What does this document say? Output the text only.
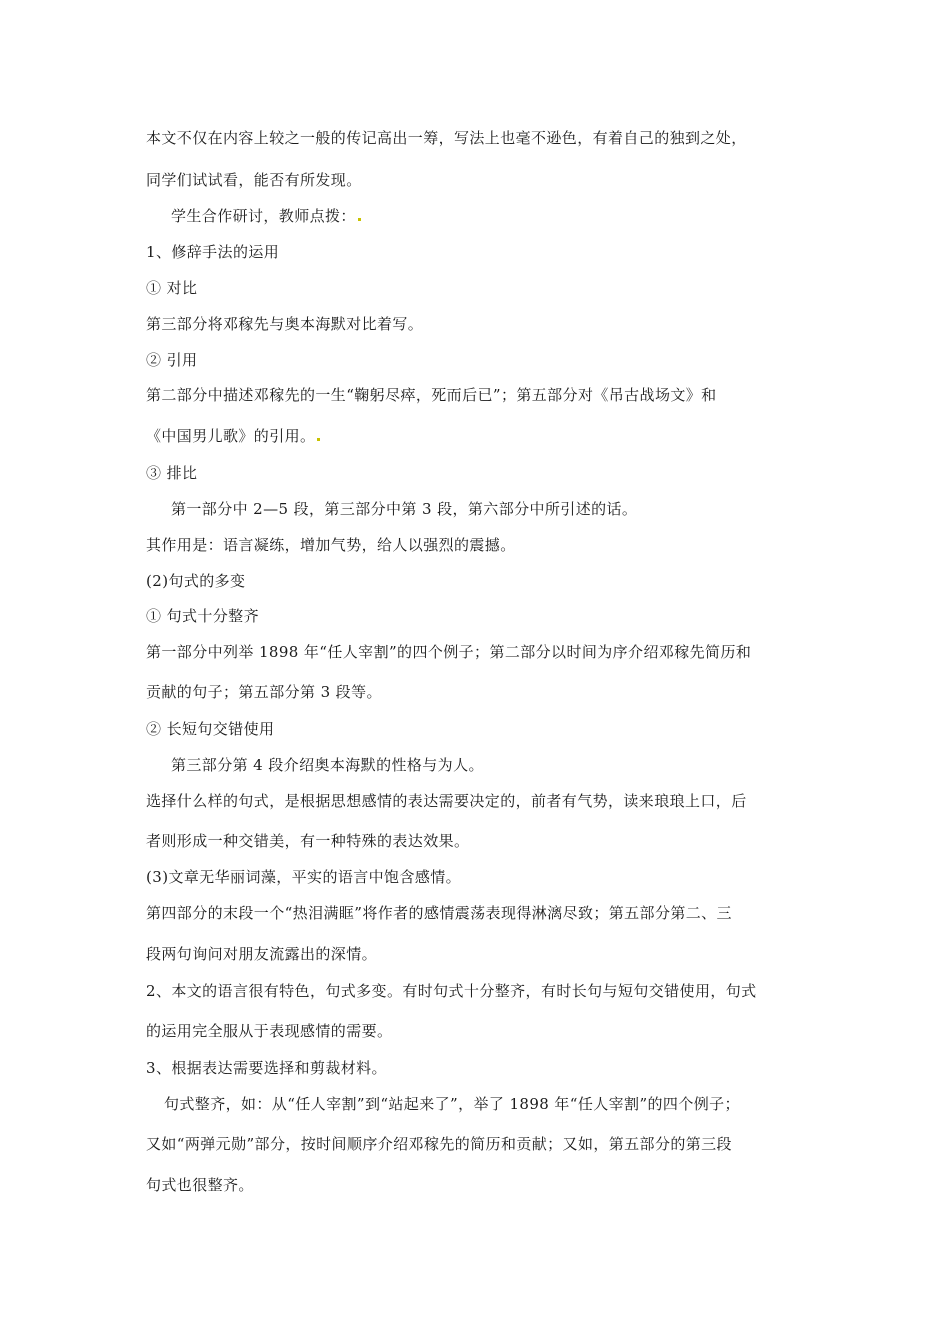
本文不仅在内容上较之一般的传记高出一筹，写法上也毫不逊色，有着自己的独到之处，
同学们试试看，能否有所发现。
学生合作研讨，教师点拨：
1、修辞手法的运用
① 对比
第三部分将邓稼先与奥本海默对比着写。
② 引用
第二部分中描述邓稼先的一生“鞠躬尽瘁，死而后已”；第五部分对《吊古战场文》和
《中国男儿歌》的引用。
③ 排比
第一部分中 2—5 段，第三部分中第 3 段，第六部分中所引述的话。
其作用是：语言凝练，增加气势，给人以强烈的震撼。
(2)句式的多变
① 句式十分整齐
第一部分中列举 1898 年“任人宰割”的四个例子；第二部分以时间为序介绍邓稼先简历和
贡献的句子；第五部分第 3 段等。
② 长短句交错使用
第三部分第 4 段介绍奥本海默的性格与为人。
选择什么样的句式，是根据思想感情的表达需要决定的，前者有气势，读来琅琅上口，后
者则形成一种交错美，有一种特殊的表达效果。
(3)文章无华丽词藻，平实的语言中饱含感情。
第四部分的末段一个“热泪满眶”将作者的感情震荡表现得淋漓尽致；第五部分第二、三
段两句询问对朋友流露出的深情。
2、本文的语言很有特色，句式多变。有时句式十分整齐，有时长句与短句交错使用，句式
的运用完全服从于表现感情的需要。
3、根据表达需要选择和剪裁材料。
句式整齐，如：从“任人宰割”到“站起来了”，举了 1898 年“任人宰割”的四个例子；
又如“两弹元勋”部分，按时间顺序介绍邓稼先的简历和贡献；又如，第五部分的第三段
句式也很整齐。
